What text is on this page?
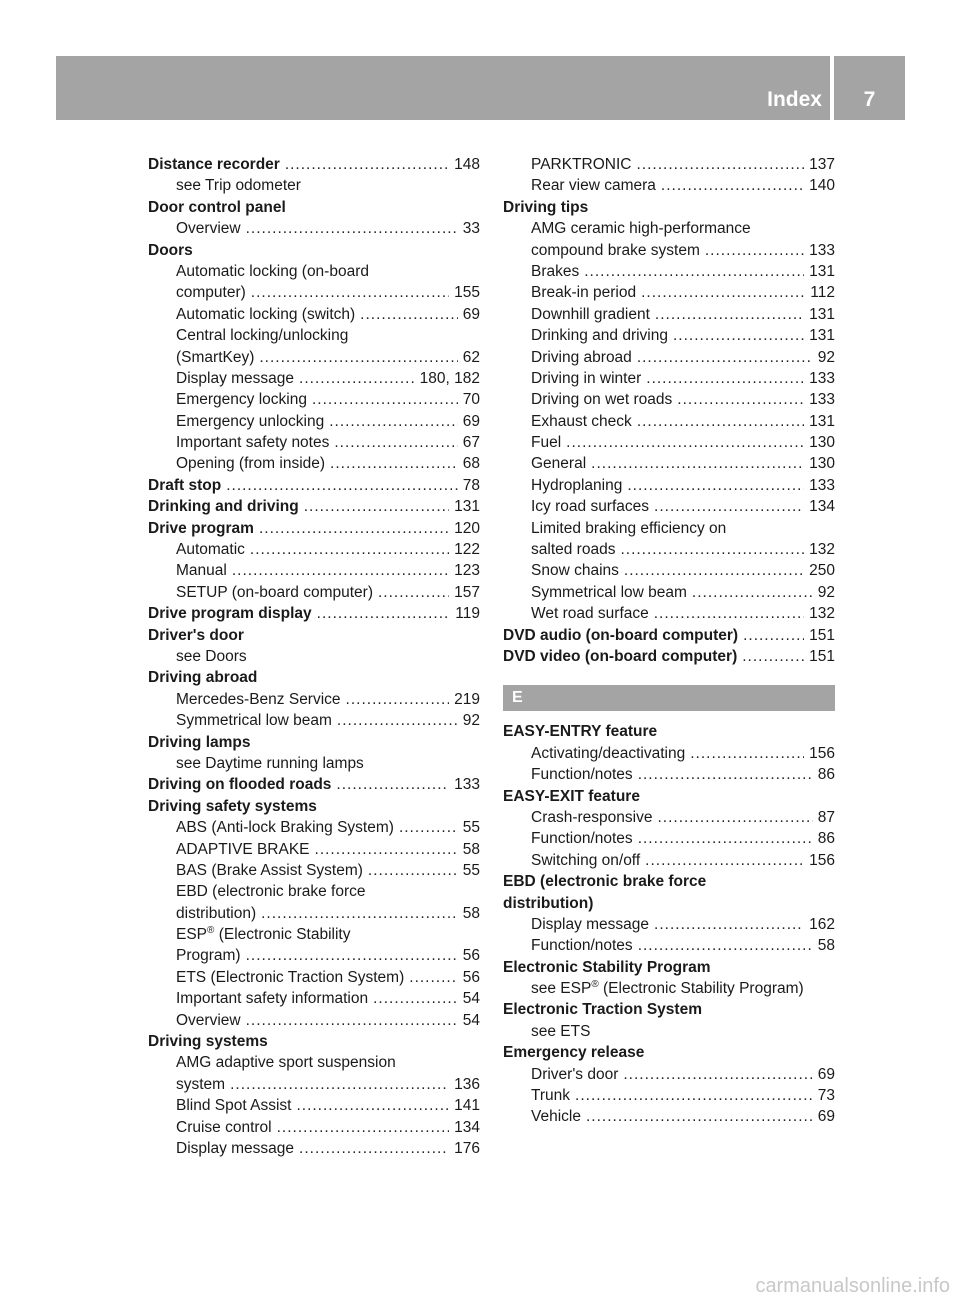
Index	7
Distance recorder .....	148
see Trip odometer
Door control panel
Overview .....	33
Doors
Automatic locking (on-board
computer) .....	155
Automatic locking (switch) .....	69
Central locking/unlocking
(SmartKey) .....	62
Display message .....	180, 182
Emergency locking .....	70
Emergency unlocking .....	69
Important safety notes .....	67
Opening (from inside) .....	68
Draft stop .....	78
Drinking and driving .....	131
Drive program .....	120
Automatic .....	122
Manual .....	123
SETUP (on-board computer) .....	157
Drive program display .....	119
Driver's door
see Doors
Driving abroad
Mercedes-Benz Service .....	219
Symmetrical low beam .....	92
Driving lamps
see Daytime running lamps
Driving on flooded roads .....	133
Driving safety systems
ABS (Anti-lock Braking System) .....	55
ADAPTIVE BRAKE .....	58
BAS (Brake Assist System) .....	55
EBD (electronic brake force
distribution) .....	58
ESP® (Electronic Stability
Program) .....	56
ETS (Electronic Traction System) .....	56
Important safety information .....	54
Overview .....	54
Driving systems
AMG adaptive sport suspension
system .....	136
Blind Spot Assist .....	141
Cruise control .....	134
Display message .....	176
PARKTRONIC .....	137
Rear view camera .....	140
Driving tips
AMG ceramic high-performance
compound brake system .....	133
Brakes .....	131
Break-in period .....	112
Downhill gradient .....	131
Drinking and driving .....	131
Driving abroad .....	92
Driving in winter .....	133
Driving on wet roads .....	133
Exhaust check .....	131
Fuel .....	130
General .....	130
Hydroplaning .....	133
Icy road surfaces .....	134
Limited braking efficiency on
salted roads .....	132
Snow chains .....	250
Symmetrical low beam .....	92
Wet road surface .....	132
DVD audio (on-board computer) .....	151
DVD video (on-board computer) .....	151
E
EASY-ENTRY feature
Activating/deactivating .....	156
Function/notes .....	86
EASY-EXIT feature
Crash-responsive .....	87
Function/notes .....	86
Switching on/off .....	156
EBD (electronic brake force
distribution)
Display message .....	162
Function/notes .....	58
Electronic Stability Program
see ESP® (Electronic Stability Program)
Electronic Traction System
see ETS
Emergency release
Driver's door .....	69
Trunk .....	73
Vehicle .....	69
carmanualsonline.info
